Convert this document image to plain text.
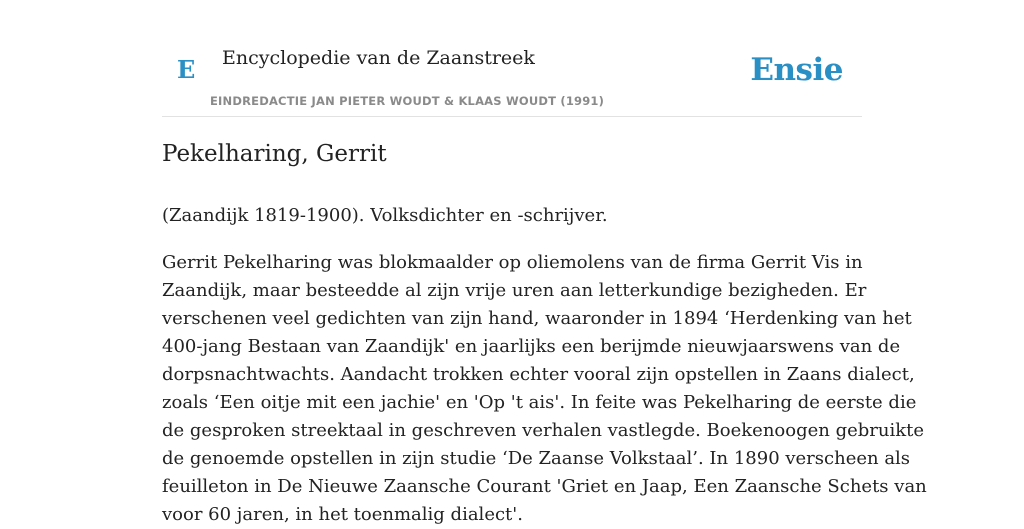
E Encyclopedie van de Zaanstreek
EINDREDACTIE JAN PIETER WOUDT & KLAAS WOUDT (1991)
Ensie
Pekelharing, Gerrit

(Zaandijk 1819-1900). Volksdichter en -schrijver.

Gerrit Pekelharing was blokmaalder op oliemolens van de firma Gerrit Vis in
Zaandijk, maar besteedde al zijn vrije uren aan letterkundige bezigheden. Er
verschenen veel gedichten van zijn hand, waaronder in 1894 ‘Herdenking van het
400-jang Bestaan van Zaandijk' en jaarlijks een berijmde nieuwjaarswens van de
dorpsnachtwachts. Aandacht trokken echter vooral zijn opstellen in Zaans dialect,
zoals ‘Een oitje mit een jachie' en 'Op 't ais'. In feite was Pekelharing de eerste die
de gesproken streektaal in geschreven verhalen vastlegde. Boekenoogen gebruikte
de genoemde opstellen in zijn studie ‘De Zaanse Volkstaal’. In 1890 verscheen als
feuilleton in De Nieuwe Zaansche Courant 'Griet en Jaap, Een Zaansche Schets van
voor 60 jaren, in het toenmalig dialect'.
